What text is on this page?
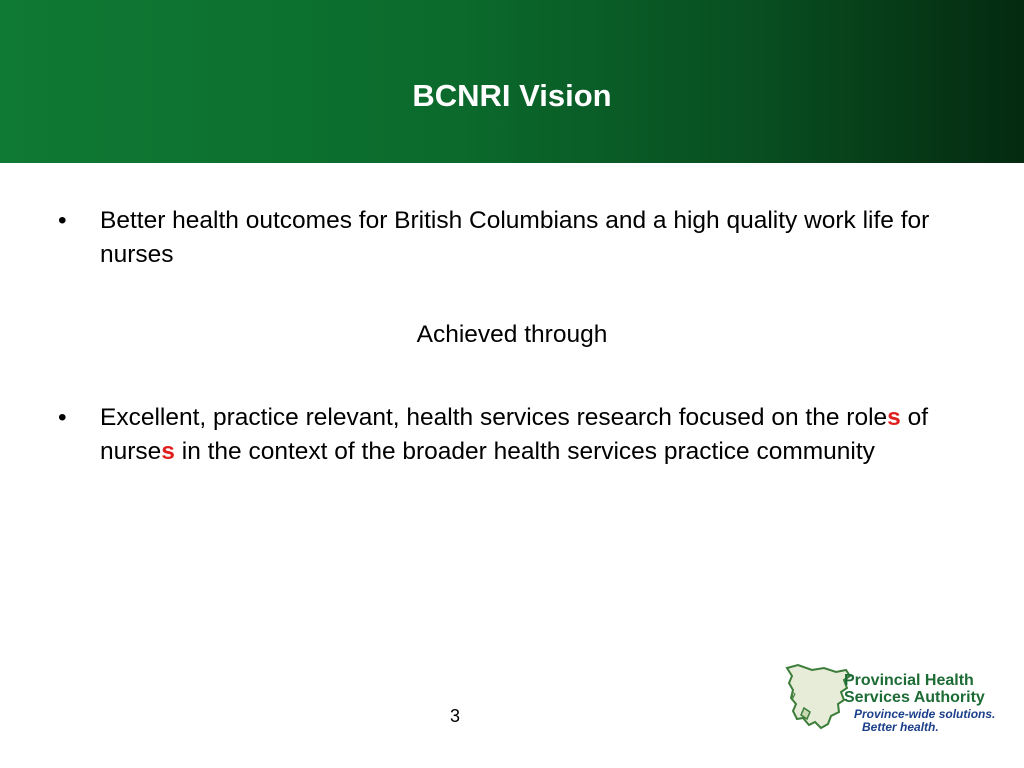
BCNRI Vision
• Better health outcomes for British Columbians and a high quality work life for nurses
Achieved through
• Excellent, practice relevant, health services research focused on the roles of nurses in the context of the broader health services practice community
3
Provincial Health
Services Authority
Province-wide solutions.
Better health.
